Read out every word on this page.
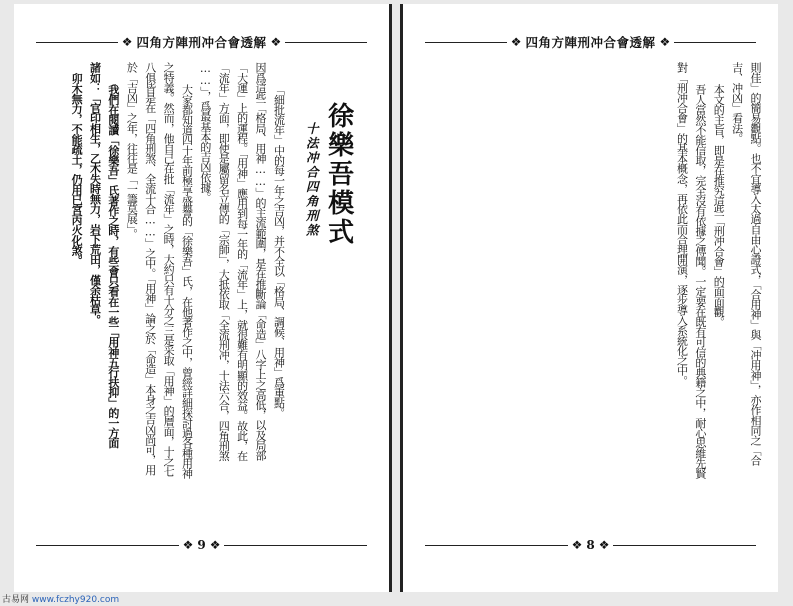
❖ 四角方陣刑冲合會透解 ❖
徐樂吾模式
十法冲合四角刑煞
「細批流年」中的每一年之吉凶，并不全以「格局、調候、用神」爲重點。
因爲這些「格局、用神……」的主流範圍，是在推斷論「命造」八字上之高低，以及局部
「大運」上的運程。「用神」應用到每一年的「流年」上，就很難有明顯的效益。故此，在
「流年」方面，即使是屬留名立傳的「宗師」，大抵依取「全流刑冲，十法六合，四角刑煞
……」，爲最基本的吉凶依據。
大家都知道四十年前極享盛譽的「徐樂吾」氏，在他著作之中，曾經詳細探討過各種用神
之特義。然而，他自己在批「流年」之時，大約只有十分之三是采取「用神」的層面，十之七
八俱皆是在「四角刑煞、全流十合……」之中。「用神」論之於「命造」本身之吉凶尚可，用
於「吉凶」之年，往往是「一籌莫展」。
我們在閱讀「徐樂吾」氏著作之時，有些會只看在一些「用神五行扶抑」的一方面
諸如：「官印相生，乙木失時無力，岩下荒田，僅余枯草。
卯木無力，不能疏土，仍用巳宮丙火化煞。
❖ 9 ❖
❖ 四角方陣刑冲合會透解 ❖
則佳」的簡易觀點。也不宜導入太過自由心證式，「合用神」與「冲用神」，亦作相同之「合
吉、冲凶」看法。
本文的主旨，即是在推究這些「刑冲合會」的面面觀。
吾人當然不能信取，完全沒有依據之傳聞。一定要在既有可信的典籍之中，耐心思維先賢
對「刑冲合會」的基本概念，再依此而合理開演，逐步導入系統化之中。
❖ 8 ❖
古易网 www.fczhy920.com
